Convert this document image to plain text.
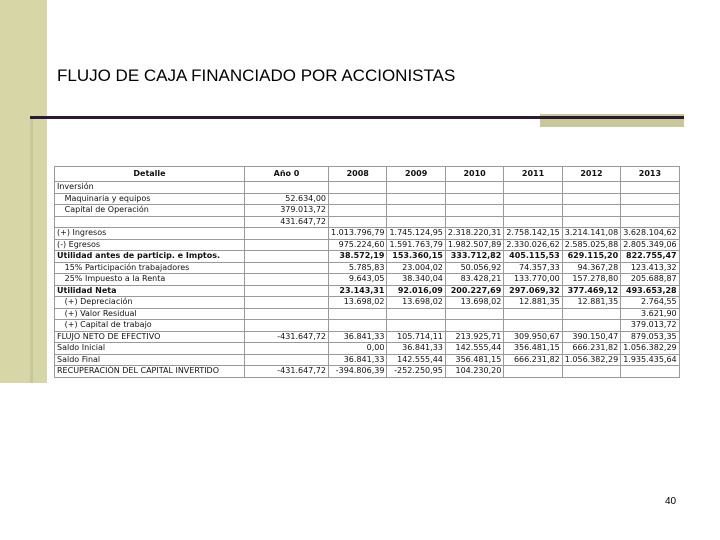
FLUJO DE CAJA FINANCIADO POR ACCIONISTAS
Detalle	Año 0	2008	2009	2010	2011	2012	2013
Inversión							
Maquinaria y equipos	52.634,00						
Capital de Operación	379.013,72						
	431.647,72						
(+) Ingresos		1.013.796,79	1.745.124,95	2.318.220,31	2.758.142,15	3.214.141,08	3.628.104,62
(-) Egresos		975.224,60	1.591.763,79	1.982.507,89	2.330.026,62	2.585.025,88	2.805.349,06
Utilidad antes de particip. e Imptos.		38.572,19	153.360,15	333.712,82	405.115,53	629.115,20	822.755,47
15% Participación trabajadores		5.785,83	23.004,02	50.056,92	74.357,33	94.367,28	123.413,32
25% Impuesto a la Renta		9.643,05	38.340,04	83.428,21	133.770,00	157.278,80	205.688,87
Utilidad Neta		23.143,31	92.016,09	200.227,69	297.069,32	377.469,12	493.653,28
(+) Depreciación		13.698,02	13.698,02	13.698,02	12.881,35	12.881,35	2.764,55
(+) Valor Residual							3.621,90
(+) Capital de trabajo							379.013,72
FLUJO NETO DE EFECTIVO	-431.647,72	36.841,33	105.714,11	213.925,71	309.950,67	390.150,47	879.053,35
Saldo Inicial		0,00	36.841,33	142.555,44	356.481,15	666.231,82	1.056.382,29
Saldo Final		36.841,33	142.555,44	356.481,15	666.231,82	1.056.382,29	1.935.435,64
RECUPERACIÓN DEL CAPITAL INVERTIDO	-431.647,72	-394.806,39	-252.250,95	104.230,20			
40
